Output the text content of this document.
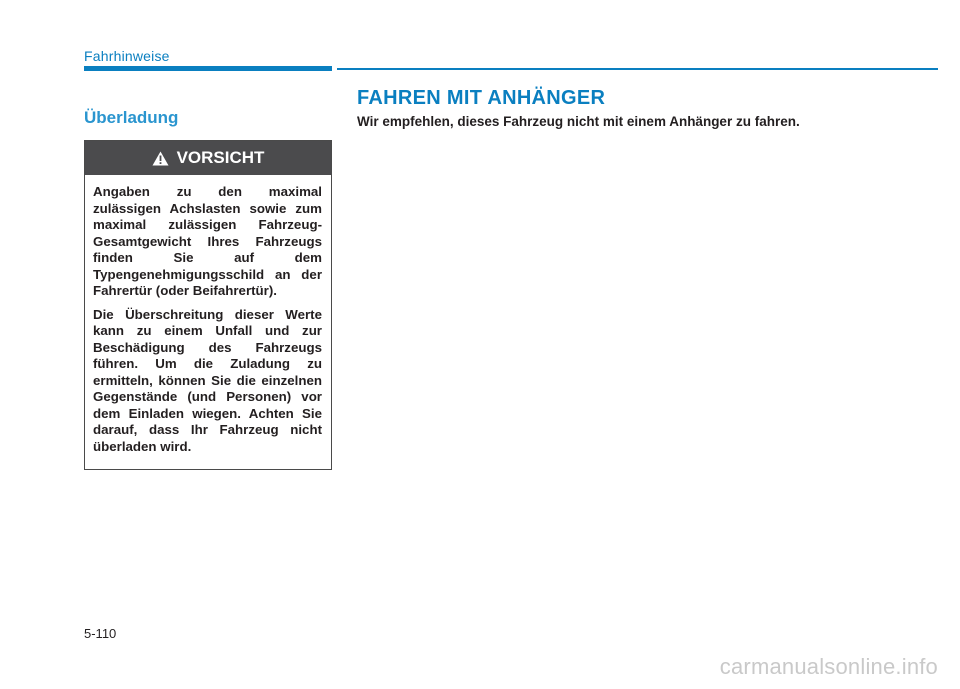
Fahrhinweise
Überladung
VORSICHT

Angaben zu den maximal zulässigen Achslasten sowie zum maximal zulässigen Fahrzeug-Gesamtgewicht Ihres Fahrzeugs finden Sie auf dem Typengenehmigungsschild an der Fahrertür (oder Beifahrertür).

Die Überschreitung dieser Werte kann zu einem Unfall und zur Beschädigung des Fahrzeugs führen. Um die Zuladung zu ermitteln, können Sie die einzelnen Gegenstände (und Personen) vor dem Einladen wiegen. Achten Sie darauf, dass Ihr Fahrzeug nicht überladen wird.

FAHREN MIT ANHÄNGER
Wir empfehlen, dieses Fahrzeug nicht mit einem Anhänger zu fahren.
5-110
carmanualsonline.info
